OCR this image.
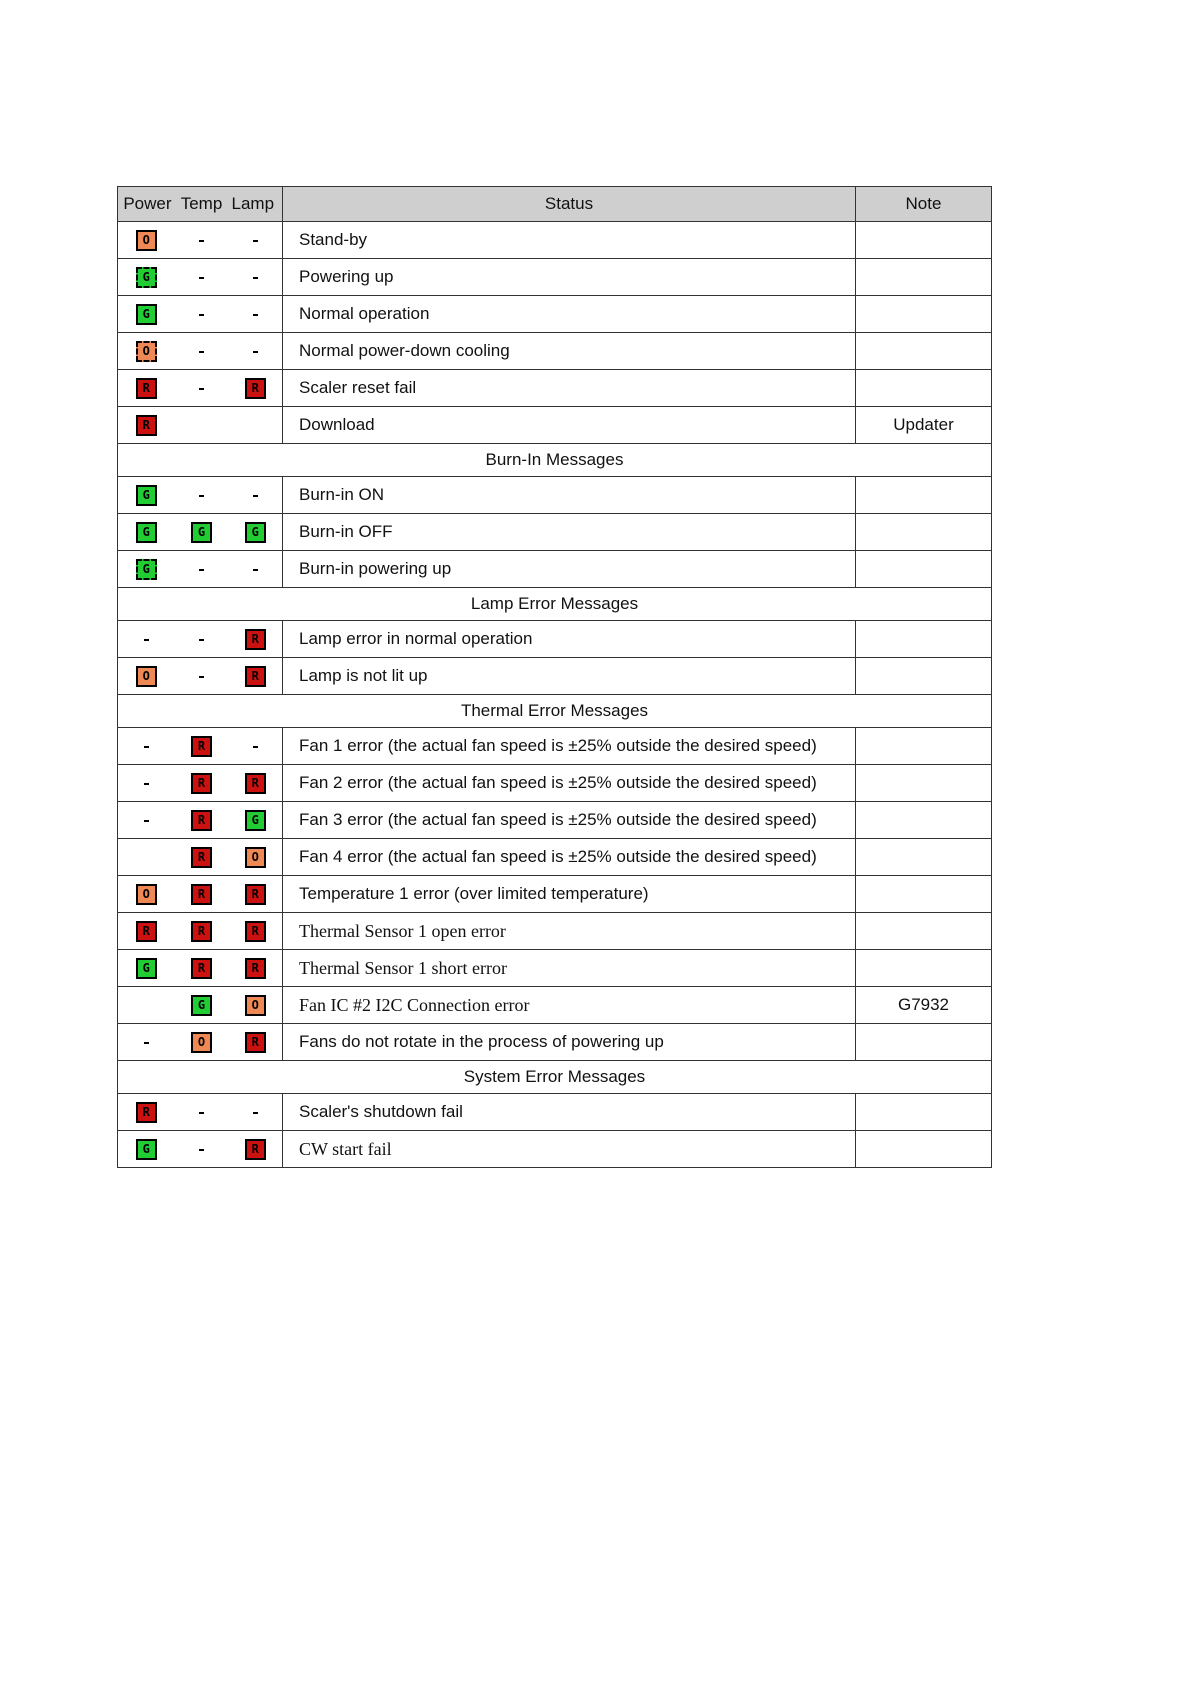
Power	Temp	Lamp	Status	Note
O			Stand-by	
G			Powering up	
G			Normal operation	
O			Normal power-down cooling	
R		R	Scaler reset fail	
R			Download	Updater
Burn-In Messages				
G			Burn-in ON	
G	G	G	Burn-in OFF	
G			Burn-in powering up	
Lamp Error Messages				
		R	Lamp error in normal operation	
O		R	Lamp is not lit up	
Thermal Error Messages				
	R		Fan 1 error (the actual fan speed is ±25% outside the desired speed)	
	R	R	Fan 2 error (the actual fan speed is ±25% outside the desired speed)	
	R	G	Fan 3 error (the actual fan speed is ±25% outside the desired speed)	
	R	O	Fan 4 error (the actual fan speed is ±25% outside the desired speed)	
O	R	R	Temperature 1 error (over limited temperature)	
R	R	R	Thermal Sensor 1 open error	
G	R	R	Thermal Sensor 1 short error	
	G	O	Fan IC #2 I2C Connection error	G7932
	O	R	Fans do not rotate in the process of powering up	
System Error Messages				
R			Scaler's shutdown fail	
G		R	CW start fail	
